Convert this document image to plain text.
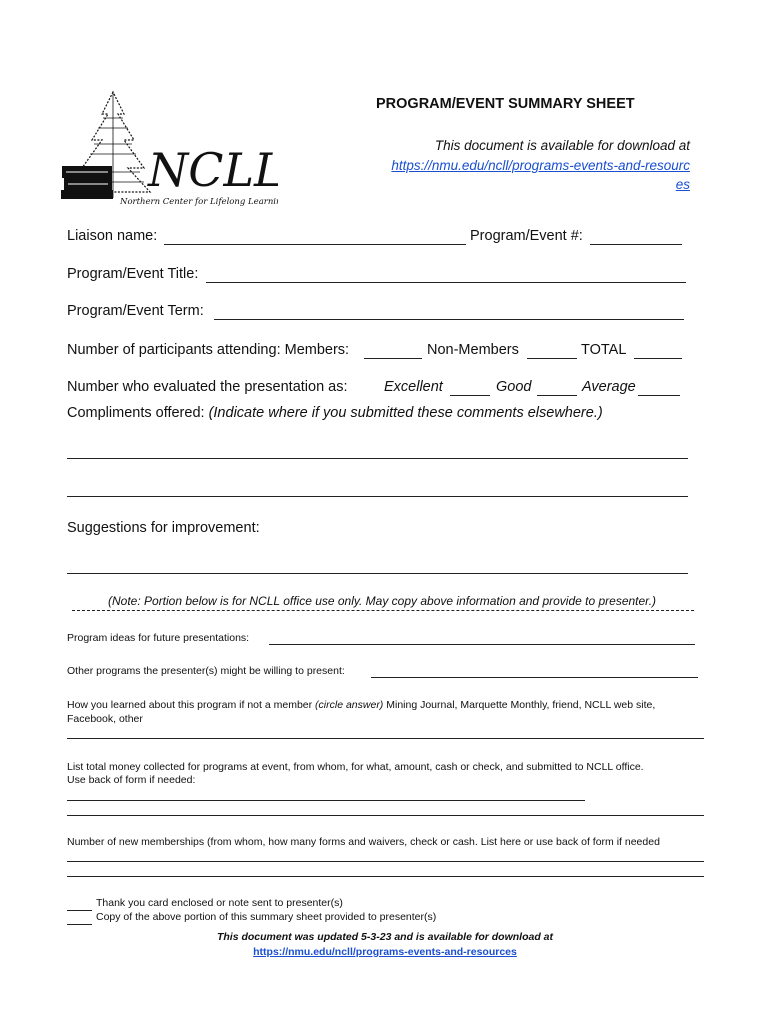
NCLL
Northern Center for Lifelong Learning
PROGRAM/EVENT SUMMARY SHEET
This document is available for download at
https://nmu.edu/ncll/programs-events-and-resources
Liaison name:	Program/Event #:
Program/Event Title:
Program/Event Term:
Number of participants attending: Members:	Non-Members	TOTAL
Number who evaluated the presentation as:	Excellent	Good	Average
Compliments offered: (Indicate where if you submitted these comments elsewhere.)
Suggestions for improvement:
(Note: Portion below is for NCLL office use only. May copy above information and provide to presenter.)
Program ideas for future presentations:
Other programs the presenter(s) might be willing to present:
How you learned about this program if not a member (circle answer) Mining Journal, Marquette Monthly, friend, NCLL web site,
Facebook, other
List total money collected for programs at event, from whom, for what, amount, cash or check, and submitted to NCLL office.
Use back of form if needed:
Number of new memberships (from whom, how many forms and waivers, check or cash. List here or use back of form if needed
Thank you card enclosed or note sent to presenter(s)
Copy of the above portion of this summary sheet provided to presenter(s)
This document was updated 5-3-23 and is available for download at
https://nmu.edu/ncll/programs-events-and-resources
